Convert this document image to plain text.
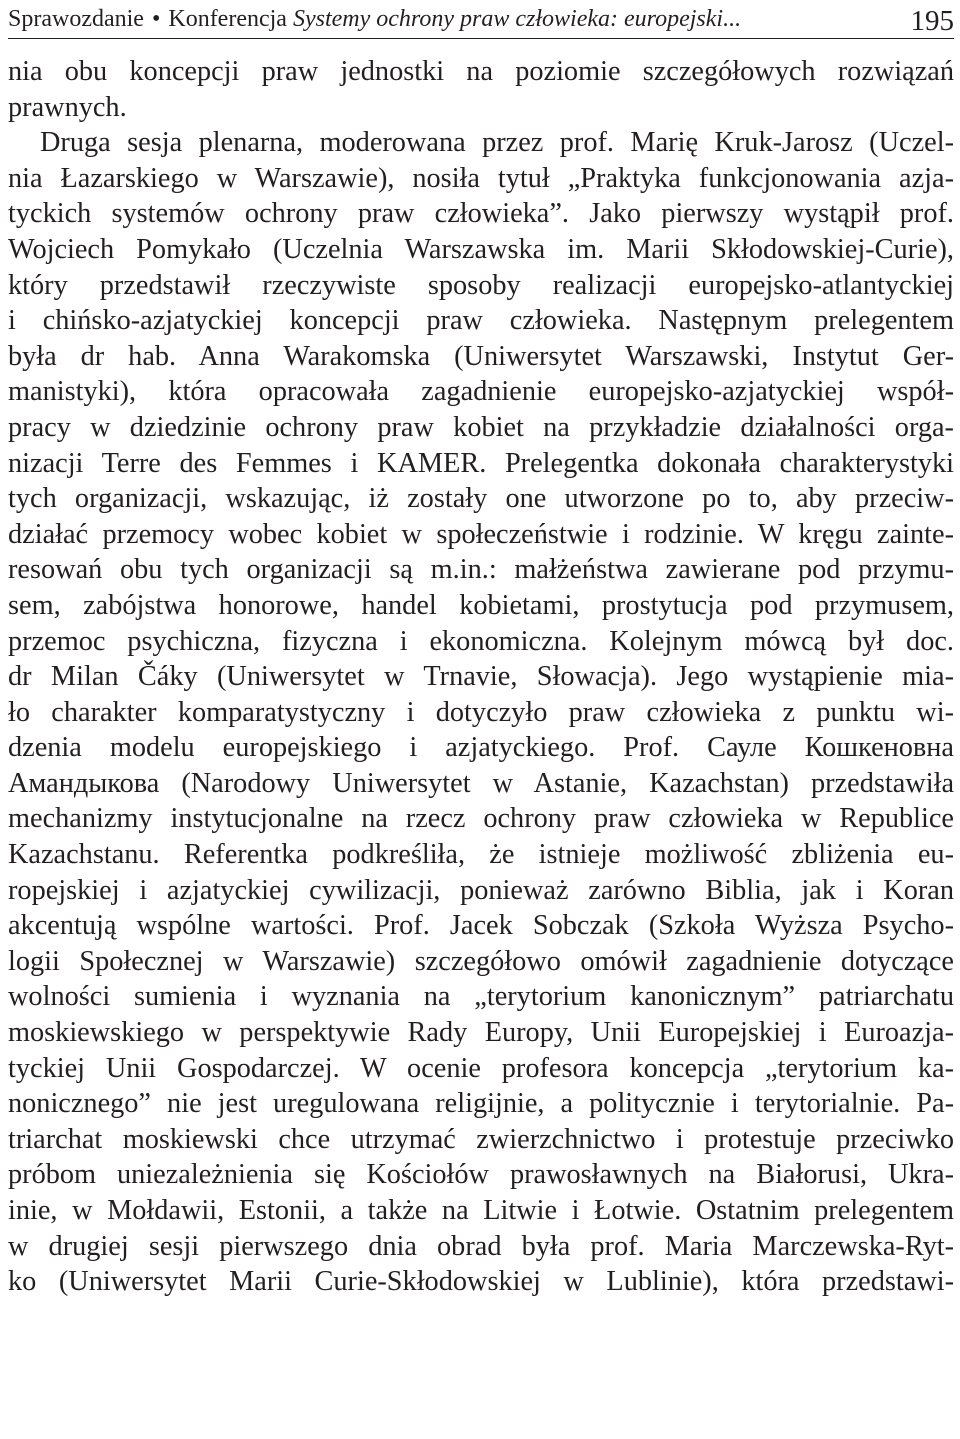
Sprawozdanie • Konferencja Systemy ochrony praw człowieka: europejski...	195
nia obu koncepcji praw jednostki na poziomie szczegółowych rozwiązań
prawnych.
Druga sesja plenarna, moderowana przez prof. Marię Kruk-Jarosz (Uczel-
nia Łazarskiego w Warszawie), nosiła tytuł „Praktyka funkcjonowania azja-
tyckich systemów ochrony praw człowieka”. Jako pierwszy wystąpił prof.
Wojciech Pomykało (Uczelnia Warszawska im. Marii Skłodowskiej-Curie),
który przedstawił rzeczywiste sposoby realizacji europejsko-atlantyckiej
i chińsko-azjatyckiej koncepcji praw człowieka. Następnym prelegentem
była dr hab. Anna Warakomska (Uniwersytet Warszawski, Instytut Ger-
manistyki), która opracowała zagadnienie europejsko-azjatyckiej współ-
pracy w dziedzinie ochrony praw kobiet na przykładzie działalności orga-
nizacji Terre des Femmes i KAMER. Prelegentka dokonała charakterystyki
tych organizacji, wskazując, iż zostały one utworzone po to, aby przeciw-
działać przemocy wobec kobiet w społeczeństwie i rodzinie. W kręgu zainte-
resowań obu tych organizacji są m.in.: małżeństwa zawierane pod przymu-
sem, zabójstwa honorowe, handel kobietami, prostytucja pod przymusem,
przemoc psychiczna, fizyczna i ekonomiczna. Kolejnym mówcą był doc.
dr Milan Čáky (Uniwersytet w Trnavie, Słowacja). Jego wystąpienie mia-
ło charakter komparatystyczny i dotyczyło praw człowieka z punktu wi-
dzenia modelu europejskiego i azjatyckiego. Prof. Сауле Кошкеновна
Амандыкова (Narodowy Uniwersytet w Astanie, Kazachstan) przedstawiła
mechanizmy instytucjonalne na rzecz ochrony praw człowieka w Republice
Kazachstanu. Referentka podkreśliła, że istnieje możliwość zbliżenia eu-
ropejskiej i azjatyckiej cywilizacji, ponieważ zarówno Biblia, jak i Koran
akcentują wspólne wartości. Prof. Jacek Sobczak (Szkoła Wyższa Psycho-
logii Społecznej w Warszawie) szczegółowo omówił zagadnienie dotyczące
wolności sumienia i wyznania na „terytorium kanonicznym” patriarchatu
moskiewskiego w perspektywie Rady Europy, Unii Europejskiej i Euroazja-
tyckiej Unii Gospodarczej. W ocenie profesora koncepcja „terytorium ka-
nonicznego” nie jest uregulowana religijnie, a politycznie i terytorialnie. Pa-
triarchat moskiewski chce utrzymać zwierzchnictwo i protestuje przeciwko
próbom uniezależnienia się Kościołów prawosławnych na Białorusi, Ukra-
inie, w Mołdawii, Estonii, a także na Litwie i Łotwie. Ostatnim prelegentem
w drugiej sesji pierwszego dnia obrad była prof. Maria Marczewska-Ryt-
ko (Uniwersytet Marii Curie-Skłodowskiej w Lublinie), która przedstawi-
